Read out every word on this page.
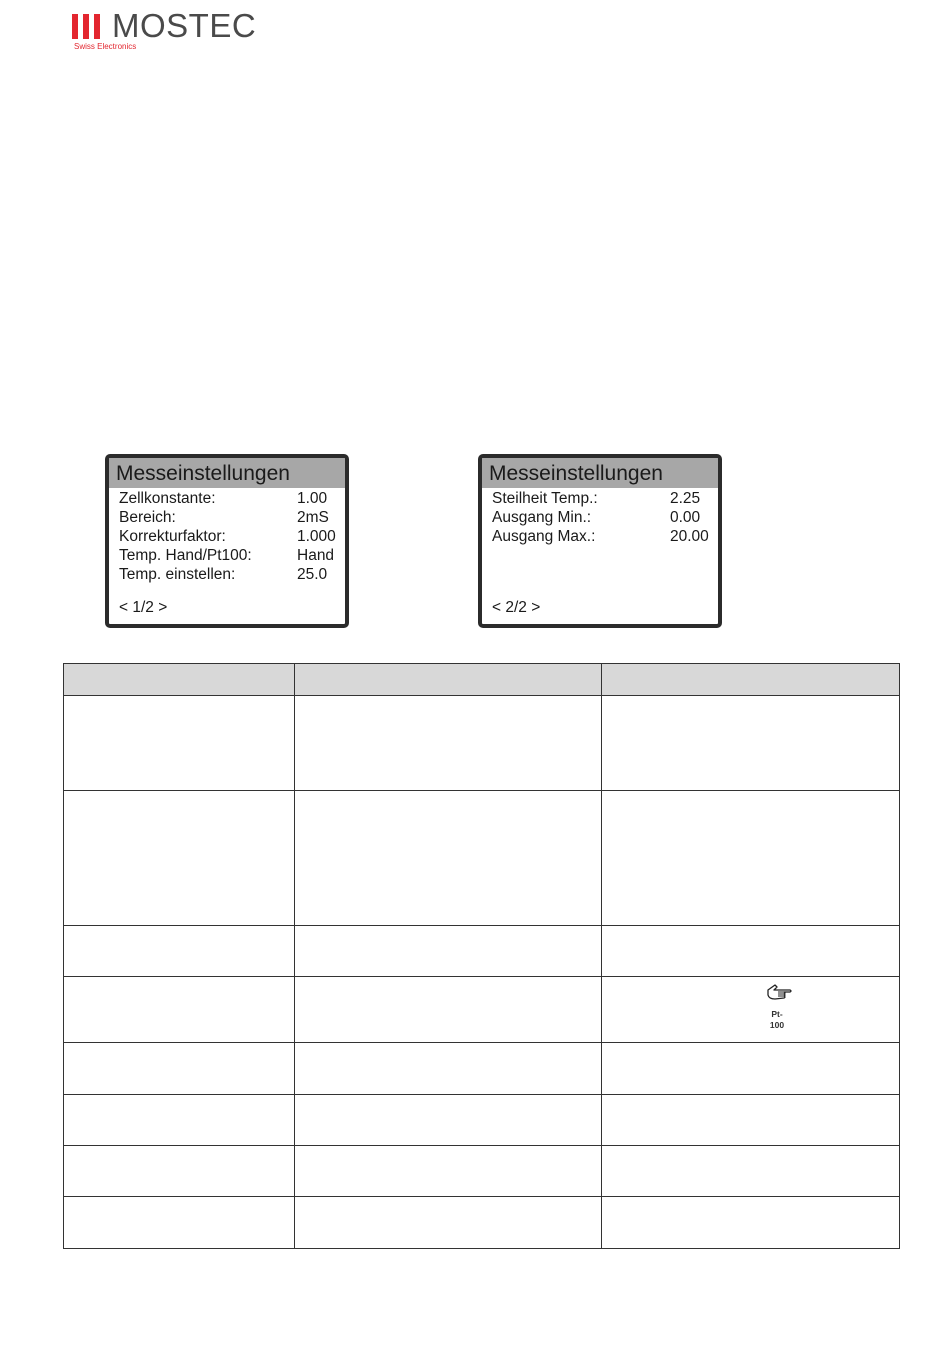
MOSTEC
Swiss Electronics
Messeinstellungen
Zellkonstante:	1.00
Bereich:	2mS
Korrekturfaktor:	1.000
Temp. Hand/Pt100:	Hand
Temp. einstellen:	25.0
< 1/2 >
Messeinstellungen
Steilheit Temp.:	2.25
Ausgang Min.:	0.00
Ausgang Max.:	20.00
< 2/2 >

		Pt-
100
